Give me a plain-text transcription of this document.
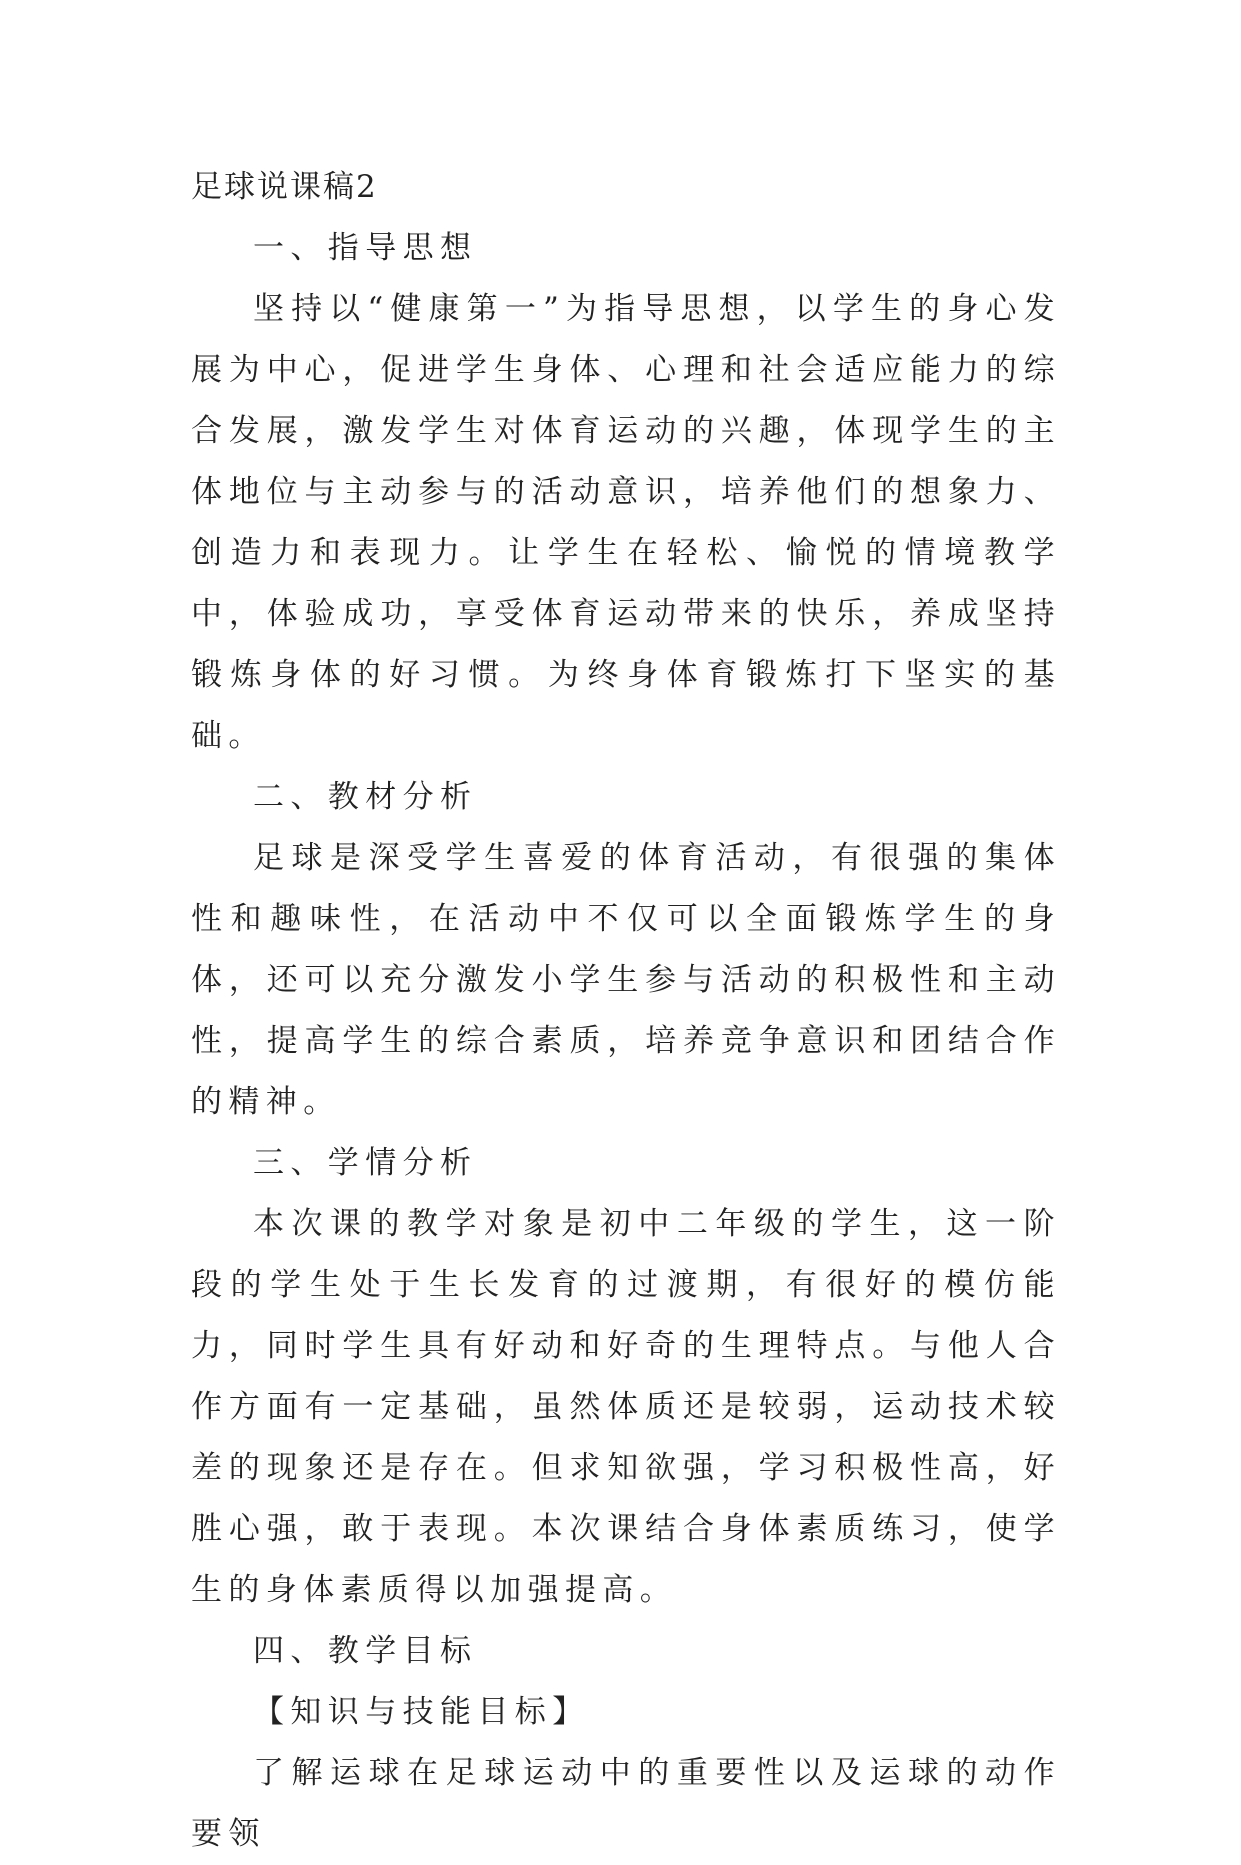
足球说课稿2

一、指导思想

坚持以“健康第一”为指导思想，以学生的身心发展为中心，促进学生身体、心理和社会适应能力的综合发展，激发学生对体育运动的兴趣，体现学生的主体地位与主动参与的活动意识，培养他们的想象力、创造力和表现力。让学生在轻松、愉悦的情境教学中，体验成功，享受体育运动带来的快乐，养成坚持锻炼身体的好习惯。为终身体育锻炼打下坚实的基础。

二、教材分析

足球是深受学生喜爱的体育活动，有很强的集体性和趣味性，在活动中不仅可以全面锻炼学生的身体，还可以充分激发小学生参与活动的积极性和主动性，提高学生的综合素质，培养竞争意识和团结合作的精神。

三、学情分析

本次课的教学对象是初中二年级的学生，这一阶段的学生处于生长发育的过渡期，有很好的模仿能力，同时学生具有好动和好奇的生理特点。与他人合作方面有一定基础，虽然体质还是较弱，运动技术较差的现象还是存在。但求知欲强，学习积极性高，好胜心强，敢于表现。本次课结合身体素质练习，使学生的身体素质得以加强提高。

四、教学目标

【知识与技能目标】

了解运球在足球运动中的重要性以及运球的动作要领
